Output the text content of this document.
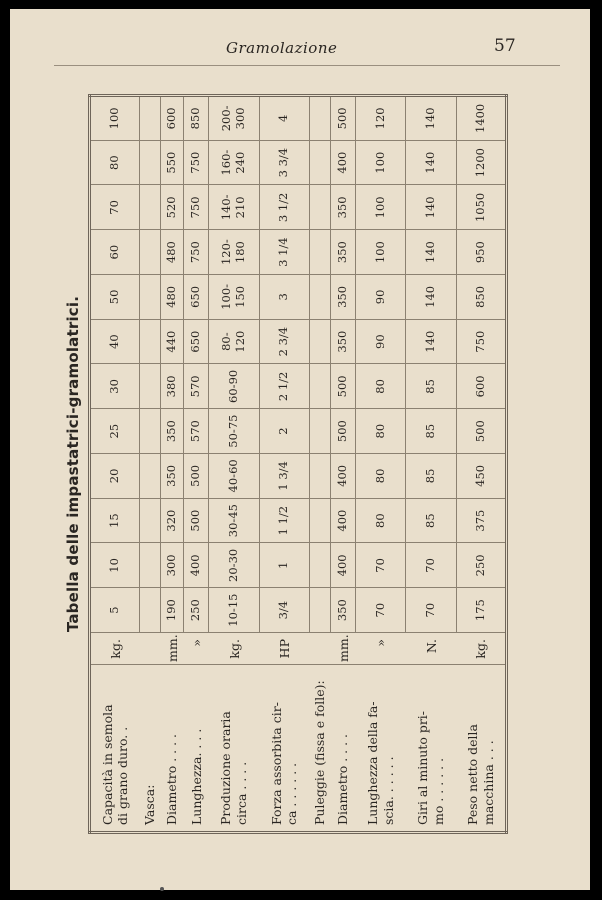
Gramolazione	57
Tabella delle impastatrici-gramolatrici.
Capacità in semola di grano duro. .	kg.	5	10	15	20	25	30	40	50	60	70	80	100
Vasca:													

Diametro . . . .	mm.	190	300	320	350	350	380	440	480	480	520	550	600

Lunghezza. . . .	»	250	400	500	500	570	570	650	650	750	750	750	850

Produzione oraria circa . . . .	kg.	10-15	20-30	30-45	40-60	50-75	60-90	80-120	100-150	120-180	140-210	160-240	200-300

Forza assorbita cir- ca . . . . . .	HP	3/4	1	1 1/2	1 3/4	2	2 1/2	2 3/4	3	3 1/4	3 1/2	3 3/4	4
Puleggie (fissa e folle):													

Diametro . . . .	mm.	350	400	400	400	500	500	350	350	350	350	400	500

Lunghezza della fa- scia. . . . . .	»	70	70	80	80	80	80	90	90	100	100	100	120

Giri al minuto pri- mo . . . . . .	N.	70	70	85	85	85	85	140	140	140	140	140	140

Peso netto della macchina . . .	kg.	175	250	375	450	500	600	750	850	950	1050	1200	1400
